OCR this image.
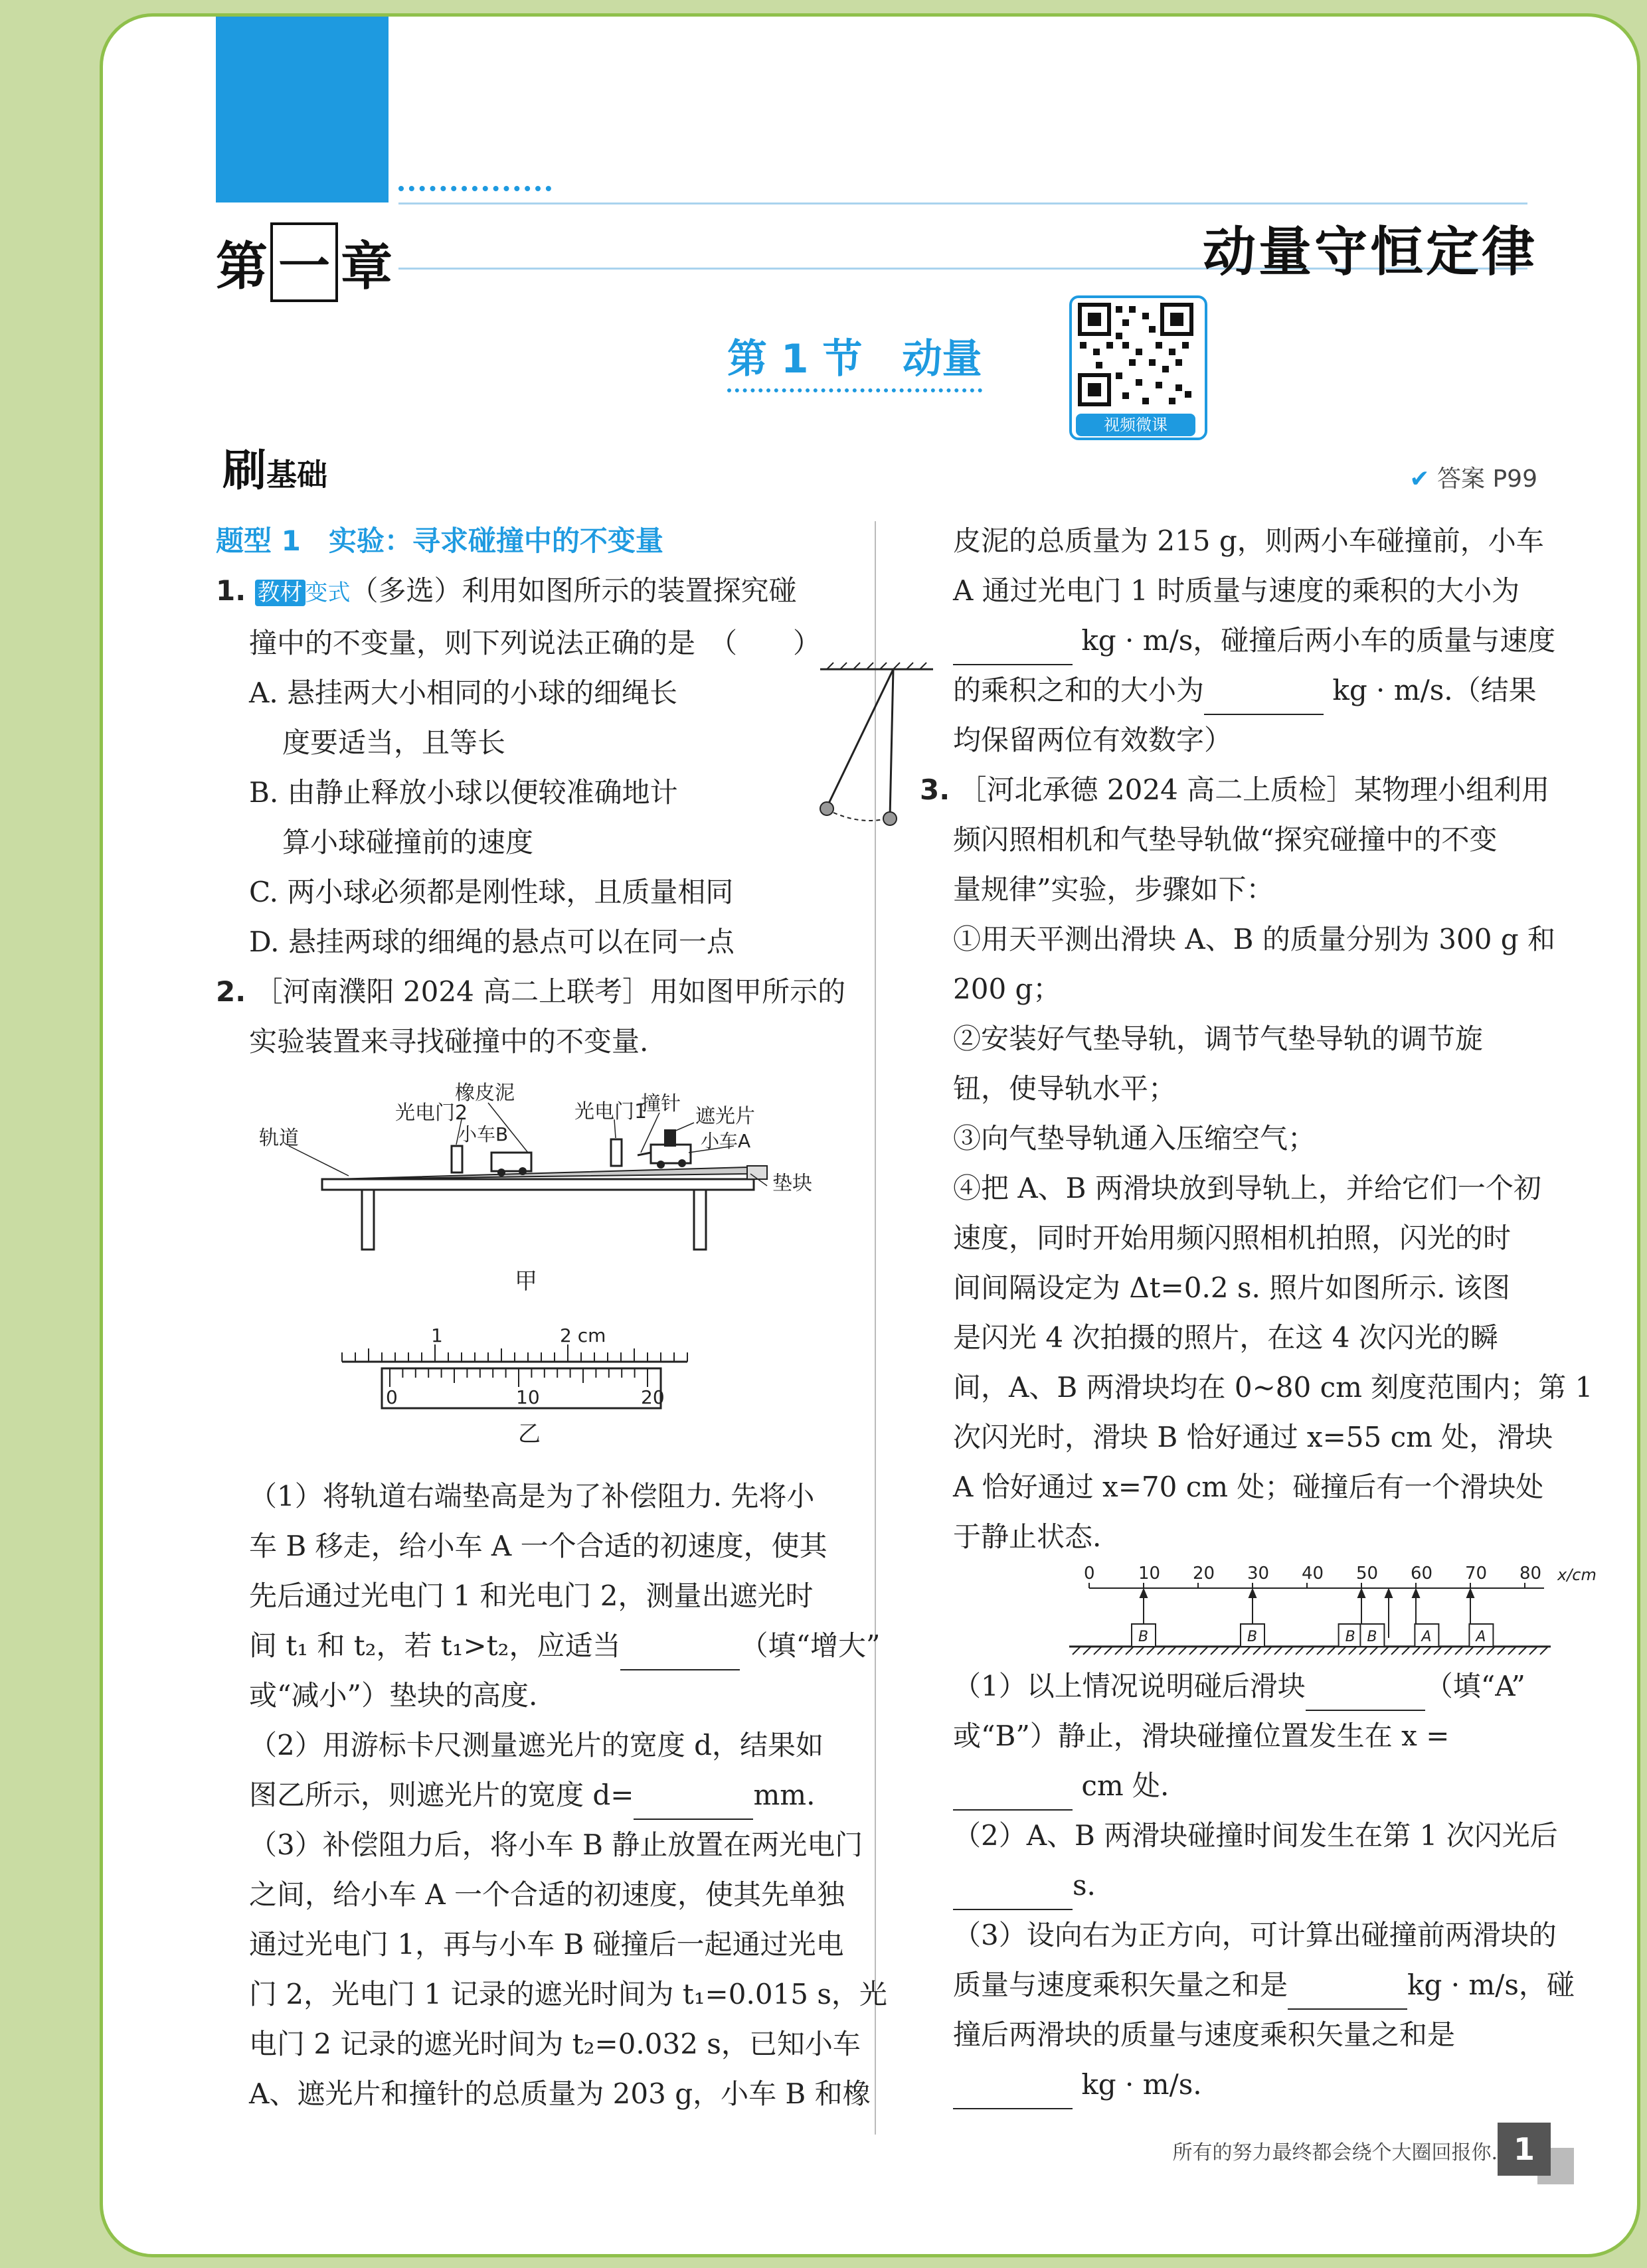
第 一 章	动量守恒定律
第 1 节　动量
视频微课
刷基础	✔ 答案 P99
题型 1　实验：寻求碰撞中的不变量
1. 教材 变式（多选）利用如图所示的装置探究碰
撞中的不变量，则下列说法正确的是　（　　）
A. 悬挂两大小相同的小球的细绳长
度要适当，且等长
B. 由静止释放小球以便较准确地计
算小球碰撞前的速度
C. 两小球必须都是刚性球，且质量相同
D. 悬挂两球的细绳的悬点可以在同一点
2. ［河南濮阳 2024 高二上联考］用如图甲所示的
实验装置来寻找碰撞中的不变量.
橡皮泥
光电门2	光电门1
撞针
遮光片
轨道	小车B	小车A
垫块
甲
1	2 cm
0	10	20
乙
（1）将轨道右端垫高是为了补偿阻力. 先将小
车 B 移走，给小车 A 一个合适的初速度，使其
先后通过光电门 1 和光电门 2，测量出遮光时
间 t₁ 和 t₂，若 t₁>t₂，应适当	（填“增大”
或“减小”）垫块的高度.
（2）用游标卡尺测量遮光片的宽度 d，结果如
图乙所示，则遮光片的宽度 d=	mm.
（3）补偿阻力后，将小车 B 静止放置在两光电门
之间，给小车 A 一个合适的初速度，使其先单独
通过光电门 1，再与小车 B 碰撞后一起通过光电
门 2，光电门 1 记录的遮光时间为 t₁=0.015 s，光
电门 2 记录的遮光时间为 t₂=0.032 s，已知小车
A、遮光片和撞针的总质量为 203 g，小车 B 和橡
皮泥的总质量为 215 g，则两小车碰撞前，小车
A 通过光电门 1 时质量与速度的乘积的大小为
kg · m/s，碰撞后两小车的质量与速度
的乘积之和的大小为	kg · m/s.（结果
均保留两位有效数字）
3. ［河北承德 2024 高二上质检］某物理小组利用
频闪照相机和气垫导轨做“探究碰撞中的不变
量规律”实验，步骤如下：
①用天平测出滑块 A、B 的质量分别为 300 g 和
200 g；
②安装好气垫导轨，调节气垫导轨的调节旋
钮，使导轨水平；
③向气垫导轨通入压缩空气；
④把 A、B 两滑块放到导轨上，并给它们一个初
速度，同时开始用频闪照相机拍照，闪光的时
间间隔设定为 Δt=0.2 s. 照片如图所示. 该图
是闪光 4 次拍摄的照片，在这 4 次闪光的瞬
间，A、B 两滑块均在 0~80 cm 刻度范围内；第 1
次闪光时，滑块 B 恰好通过 x=55 cm 处，滑块
A 恰好通过 x=70 cm 处；碰撞后有一个滑块处
于静止状态.
0	10 20 30 40 50 60 70 80 x/cm
B	B	B B	A	A
（1）以上情况说明碰后滑块	（填“A”
或“B”）静止，滑块碰撞位置发生在 x =
cm 处.
（2）A、B 两滑块碰撞时间发生在第 1 次闪光后
s.
（3）设向右为正方向，可计算出碰撞前两滑块的
质量与速度乘积矢量之和是	kg · m/s，碰
撞后两滑块的质量与速度乘积矢量之和是
kg · m/s.
所有的努力最终都会绕个大圈回报你. 1
